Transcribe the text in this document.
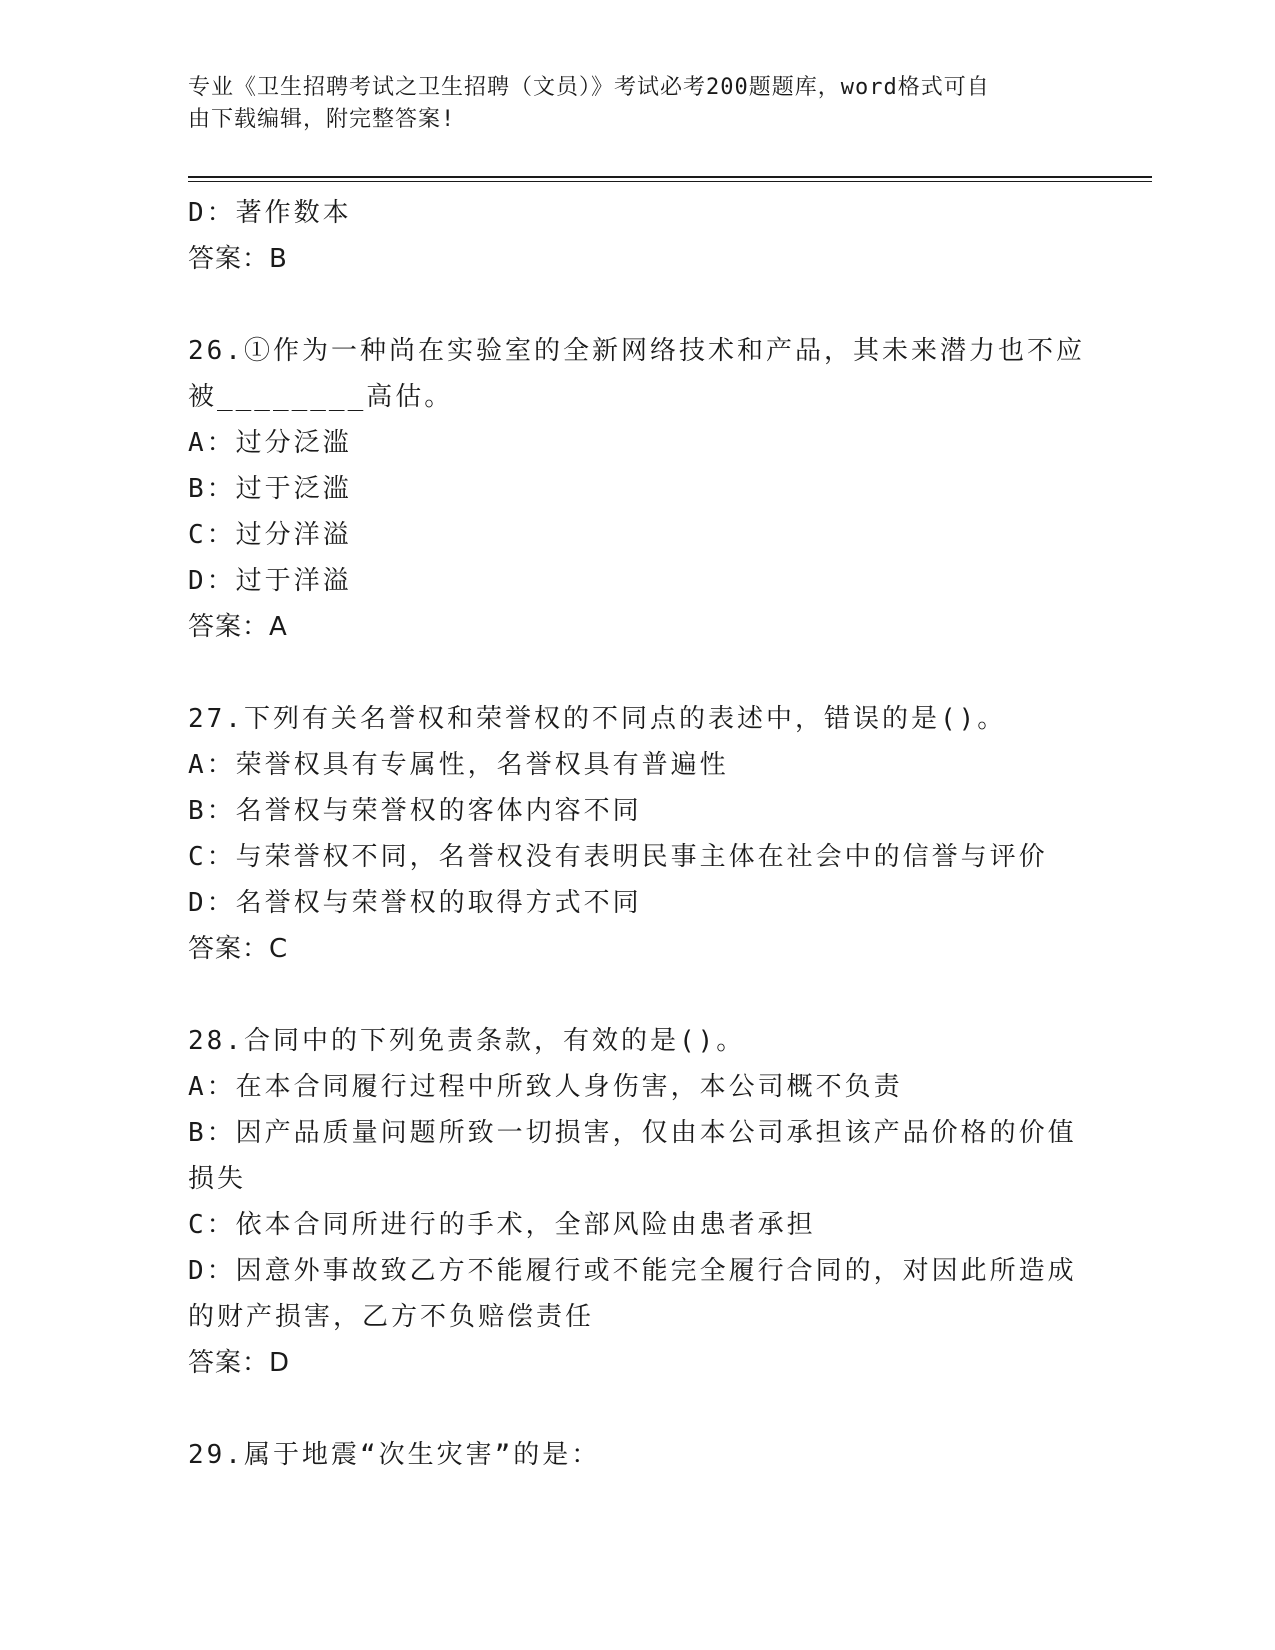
专业《卫生招聘考试之卫生招聘（文员）》考试必考200题题库，word格式可自
由下载编辑，附完整答案!
D：著作数本
答案：B
26.①作为一种尚在实验室的全新网络技术和产品，其未来潜力也不应
被________高估。
A：过分泛滥
B：过于泛滥
C：过分洋溢
D：过于洋溢
答案：A
27.下列有关名誉权和荣誉权的不同点的表述中，错误的是()。
A：荣誉权具有专属性，名誉权具有普遍性
B：名誉权与荣誉权的客体内容不同
C：与荣誉权不同，名誉权没有表明民事主体在社会中的信誉与评价
D：名誉权与荣誉权的取得方式不同
答案：C
28.合同中的下列免责条款，有效的是()。
A：在本合同履行过程中所致人身伤害，本公司概不负责
B：因产品质量问题所致一切损害，仅由本公司承担该产品价格的价值
损失
C：依本合同所进行的手术，全部风险由患者承担
D：因意外事故致乙方不能履行或不能完全履行合同的，对因此所造成
的财产损害，乙方不负赔偿责任
答案：D
29.属于地震“次生灾害”的是：
